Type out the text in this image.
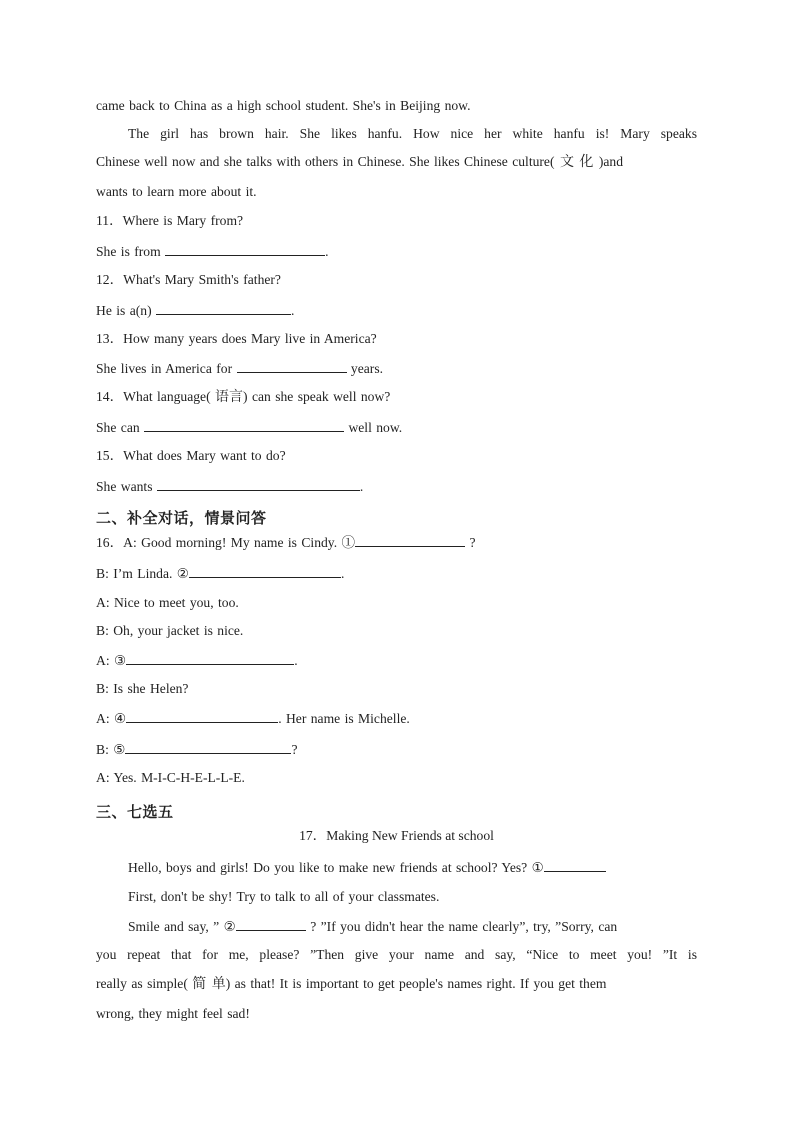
came back to China as a high school student. She's in Beijing now.
The girl has brown hair. She likes hanfu. How nice her white hanfu is! Mary speaks
Chinese well now and she talks with others in Chinese. She likes Chinese culture( 文 化 )and
wants to learn more about it.
11．Where is Mary from?
She is from	.
12．What's Mary Smith's father?
He is a(n)	.
13．How many years does Mary live in America?
She lives in America for	years.
14．What language( 语言) can she speak well now?
She can	well now.
15．What does Mary want to do?
She wants	.
二、补全对话，情景问答
16．A: Good morning! My name is Cindy. ①	?
B: I’m Linda. ②	.
A: Nice to meet you, too.
B: Oh, your jacket is nice.
A: ③	.
B: Is she Helen?
A: ④	. Her name is Michelle.
B: ⑤	?
A: Yes. M-I-C-H-E-L-L-E.
三、七选五
17．Making New Friends at school
Hello, boys and girls! Do you like to make new friends at school? Yes? ①
First, don't be shy! Try to talk to all of your classmates.
Smile and say, ” ②	? ”If you didn't hear the name clearly”, try, ”Sorry, can
you repeat that for me, please? ”Then give your name and say, “Nice to meet you! ”It is
really as simple( 简 单) as that! It is important to get people's names right. If you get them
wrong, they might feel sad!
